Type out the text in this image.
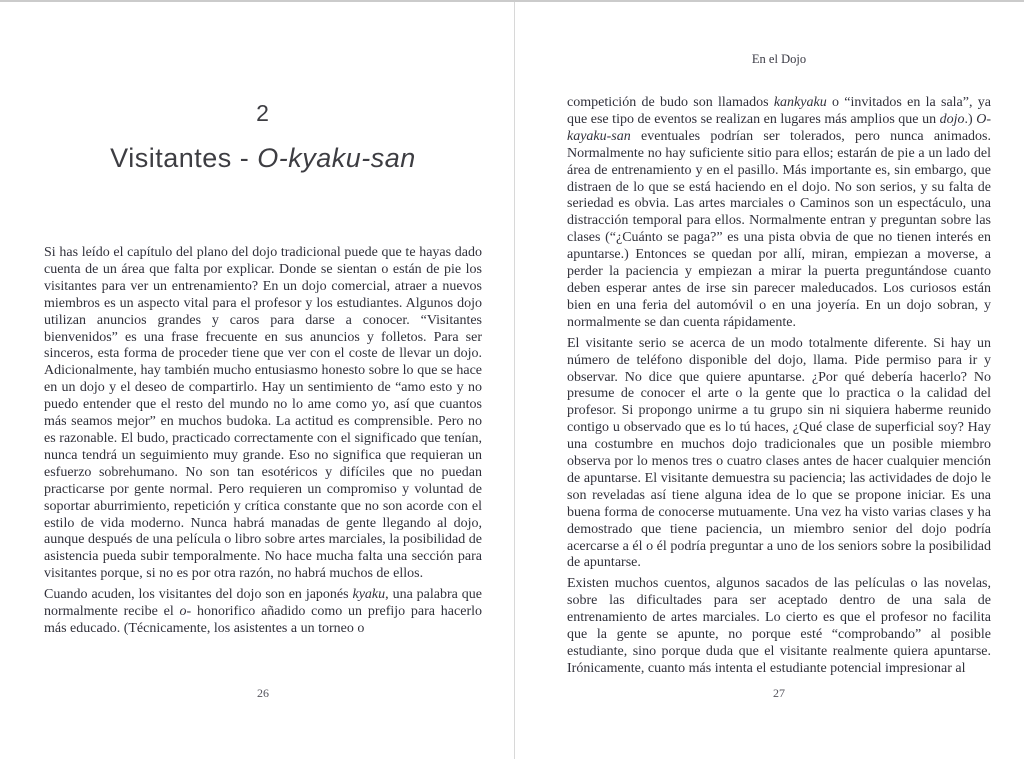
2
Visitantes - O-kyaku-san

Si has leído el capítulo del plano del dojo tradicional puede que te hayas dado cuenta de un área que falta por explicar. Donde se sientan o están de pie los visitantes para ver un entrenamiento? En un dojo comercial, atraer a nuevos miembros es un aspecto vital para el profesor y los estudiantes. Algunos dojo utilizan anuncios grandes y caros para darse a conocer. “Visitantes bienvenidos” es una frase frecuente en sus anuncios y folletos. Para ser sinceros, esta forma de proceder tiene que ver con el coste de llevar un dojo. Adicionalmente, hay también mucho entusiasmo honesto sobre lo que se hace en un dojo y el deseo de compartirlo. Hay un sentimiento de “amo esto y no puedo entender que el resto del mundo no lo ame como yo, así que cuantos más seamos mejor” en muchos budoka. La actitud es comprensible. Pero no es razonable. El budo, practicado correctamente con el significado que tenían, nunca tendrá un seguimiento muy grande. Eso no significa que requieran un esfuerzo sobrehumano. No son tan esotéricos y difíciles que no puedan practicarse por gente normal. Pero requieren un compromiso y voluntad de soportar aburrimiento, repetición y crítica constante que no son acorde con el estilo de vida moderno. Nunca habrá manadas de gente llegando al dojo, aunque después de una película o libro sobre artes marciales, la posibilidad de asistencia pueda subir temporalmente. No hace mucha falta una sección para visitantes porque, si no es por otra razón, no habrá muchos de ellos.

Cuando acuden, los visitantes del dojo son en japonés kyaku, una palabra que normalmente recibe el o- honorifico añadido como un prefijo para hacerlo más educado. (Técnicamente, los asistentes a un torneo o

26
En el Dojo

competición de budo son llamados kankyaku o “invitados en la sala”, ya que ese tipo de eventos se realizan en lugares más amplios que un dojo.) O-kayaku-san eventuales podrían ser tolerados, pero nunca animados. Normalmente no hay suficiente sitio para ellos; estarán de pie a un lado del área de entrenamiento y en el pasillo. Más importante es, sin embargo, que distraen de lo que se está haciendo en el dojo. No son serios, y su falta de seriedad es obvia. Las artes marciales o Caminos son un espectáculo, una distracción temporal para ellos. Normalmente entran y preguntan sobre las clases (“¿Cuánto se paga?” es una pista obvia de que no tienen interés en apuntarse.) Entonces se quedan por allí, miran, empiezan a moverse, a perder la paciencia y empiezan a mirar la puerta preguntándose cuanto deben esperar antes de irse sin parecer maleducados. Los curiosos están bien en una feria del automóvil o en una joyería. En un dojo sobran, y normalmente se dan cuenta rápidamente.

El visitante serio se acerca de un modo totalmente diferente. Si hay un número de teléfono disponible del dojo, llama. Pide permiso para ir y observar. No dice que quiere apuntarse. ¿Por qué debería hacerlo? No presume de conocer el arte o la gente que lo practica o la calidad del profesor. Si propongo unirme a tu grupo sin ni siquiera haberme reunido contigo u observado que es lo tú haces, ¿Qué clase de superficial soy? Hay una costumbre en muchos dojo tradicionales que un posible miembro observa por lo menos tres o cuatro clases antes de hacer cualquier mención de apuntarse. El visitante demuestra su paciencia; las actividades de dojo le son reveladas así tiene alguna idea de lo que se propone iniciar. Es una buena forma de conocerse mutuamente. Una vez ha visto varias clases y ha demostrado que tiene paciencia, un miembro senior del dojo podría acercarse a él o él podría preguntar a uno de los seniors sobre la posibilidad de apuntarse.

Existen muchos cuentos, algunos sacados de las películas o las novelas, sobre las dificultades para ser aceptado dentro de una sala de entrenamiento de artes marciales. Lo cierto es que el profesor no facilita que la gente se apunte, no porque esté “comprobando” al posible estudiante, sino porque duda que el visitante realmente quiera apuntarse. Irónicamente, cuanto más intenta el estudiante potencial impresionar al

27
